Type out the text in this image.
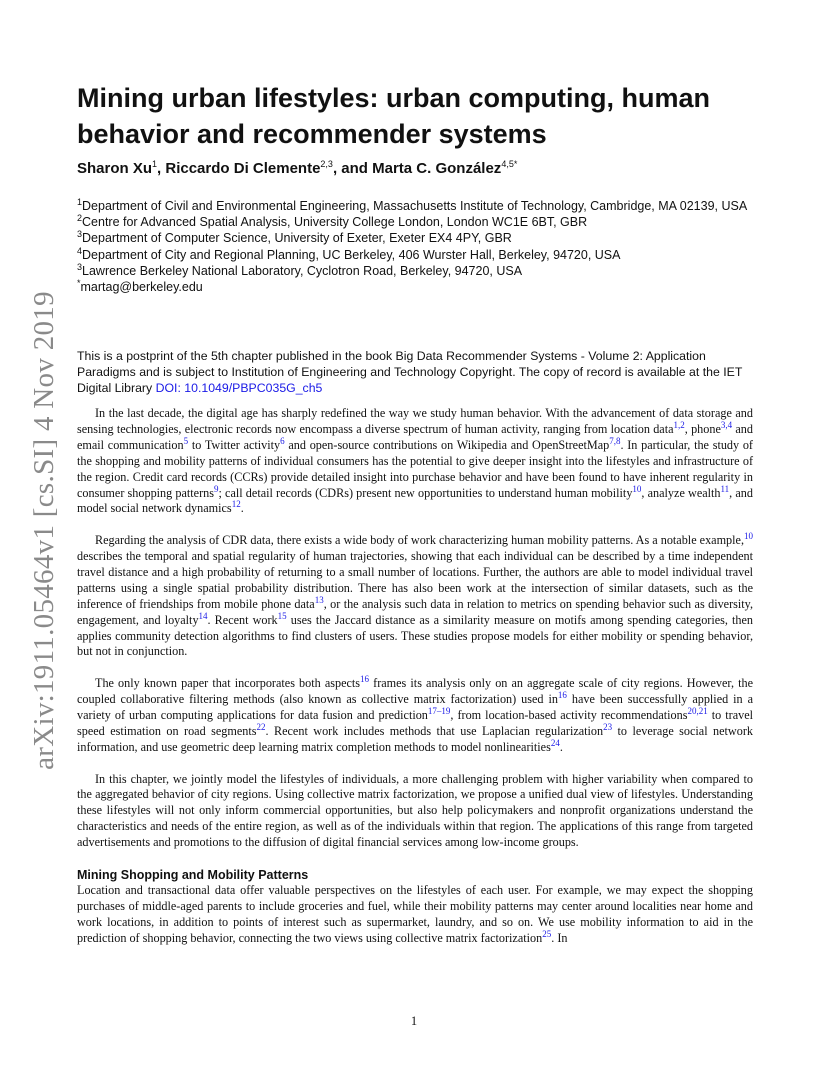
arXiv:1911.05464v1 [cs.SI] 4 Nov 2019
Mining urban lifestyles: urban computing, human behavior and recommender systems
Sharon Xu$^1$, Riccardo Di Clemente$^{2,3}$, and Marta C. González$^{4,5*}$

$^1$Department of Civil and Environmental Engineering, Massachusetts Institute of Technology, Cambridge, MA 02139, USA

$^2$Centre for Advanced Spatial Analysis, University College London, London WC1E 6BT, GBR

$^3$Department of Computer Science, University of Exeter, Exeter EX4 4PY, GBR

$^4$Department of City and Regional Planning, UC Berkeley, 406 Wurster Hall, Berkeley, 94720, USA

$^3$Lawrence Berkeley National Laboratory, Cyclotron Road, Berkeley, 94720, USA

*martag@berkeley.edu

This is a postprint of the 5th chapter published in the book Big Data Recommender Systems - Volume 2: Application Paradigms and is subject to Institution of Engineering and Technology Copyright. The copy of record is available at the IET Digital Library DOI: 10.1049/PBPC035G_ch5

In the last decade, the digital age has sharply redefined the way we study human behavior. With the advancement of data storage and sensing technologies, electronic records now encompass a diverse spectrum of human activity, ranging from location data$^{1,2}$, phone$^{3,4}$ and email communication$^5$ to Twitter activity$^6$ and open-source contributions on Wikipedia and OpenStreetMap$^{7,8}$. In particular, the study of the shopping and mobility patterns of individual consumers has the potential to give deeper insight into the lifestyles and infrastructure of the region. Credit card records (CCRs) provide detailed insight into purchase behavior and have been found to have inherent regularity in consumer shopping patterns$^9$; call detail records (CDRs) present new opportunities to understand human mobility$^{10}$, analyze wealth$^{11}$, and model social network dynamics$^{12}$.

Regarding the analysis of CDR data, there exists a wide body of work characterizing human mobility patterns. As a notable example,$^{10}$ describes the temporal and spatial regularity of human trajectories, showing that each individual can be described by a time independent travel distance and a high probability of returning to a small number of locations. Further, the authors are able to model individual travel patterns using a single spatial probability distribution. There has also been work at the intersection of similar datasets, such as the inference of friendships from mobile phone data$^{13}$, or the analysis such data in relation to metrics on spending behavior such as diversity, engagement, and loyalty$^{14}$. Recent work$^{15}$ uses the Jaccard distance as a similarity measure on motifs among spending categories, then applies community detection algorithms to find clusters of users. These studies propose models for either mobility or spending behavior, but not in conjunction.

The only known paper that incorporates both aspects$^{16}$ frames its analysis only on an aggregate scale of city regions. However, the coupled collaborative filtering methods (also known as collective matrix factorization) used in$^{16}$ have been successfully applied in a variety of urban computing applications for data fusion and prediction$^{17-19}$, from location-based activity recommendations$^{20,21}$ to travel speed estimation on road segments$^{22}$. Recent work includes methods that use Laplacian regularization$^{23}$ to leverage social network information, and use geometric deep learning matrix completion methods to model nonlinearities$^{24}$.

In this chapter, we jointly model the lifestyles of individuals, a more challenging problem with higher variability when compared to the aggregated behavior of city regions. Using collective matrix factorization, we propose a unified dual view of lifestyles. Understanding these lifestyles will not only inform commercial opportunities, but also help policymakers and nonprofit organizations understand the characteristics and needs of the entire region, as well as of the individuals within that region. The applications of this range from targeted advertisements and promotions to the diffusion of digital financial services among low-income groups.

Mining Shopping and Mobility Patterns

Location and transactional data offer valuable perspectives on the lifestyles of each user. For example, we may expect the shopping purchases of middle-aged parents to include groceries and fuel, while their mobility patterns may center around localities near home and work locations, in addition to points of interest such as supermarket, laundry, and so on. We use mobility information to aid in the prediction of shopping behavior, connecting the two views using collective matrix factorization$^{25}$. In

1
